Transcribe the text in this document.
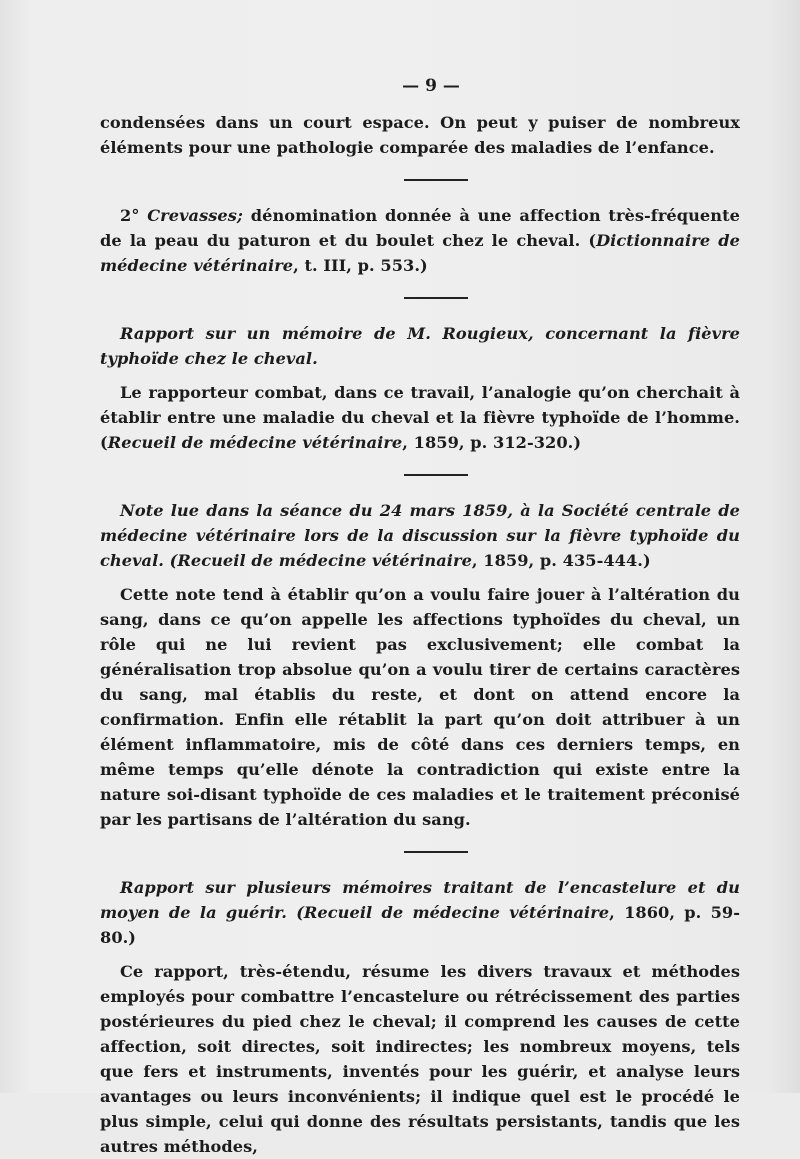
— 9 —

condensées dans un court espace. On peut y puiser de nombreux éléments pour une pathologie comparée des maladies de l’enfance.

2° Crevasses; dénomination donnée à une affection très-fréquente de la peau du paturon et du boulet chez le cheval. (Dictionnaire de médecine vétérinaire, t. III, p. 553.)

Rapport sur un mémoire de M. Rougieux, concernant la fièvre typhoïde chez le cheval.

Le rapporteur combat, dans ce travail, l’analogie qu’on cherchait à établir entre une maladie du cheval et la fièvre typhoïde de l’homme. (Recueil de médecine vétérinaire, 1859, p. 312-320.)

Note lue dans la séance du 24 mars 1859, à la Société centrale de médecine vétérinaire lors de la discussion sur la fièvre typhoïde du cheval. (Recueil de médecine vétérinaire, 1859, p. 435-444.)

Cette note tend à établir qu’on a voulu faire jouer à l’altération du sang, dans ce qu’on appelle les affections typhoïdes du cheval, un rôle qui ne lui revient pas exclusivement; elle combat la généralisation trop absolue qu’on a voulu tirer de certains caractères du sang, mal établis du reste, et dont on attend encore la confirmation. Enfin elle rétablit la part qu’on doit attribuer à un élément inflammatoire, mis de côté dans ces derniers temps, en même temps qu’elle dénote la contradiction qui existe entre la nature soi-disant typhoïde de ces maladies et le traitement préconisé par les partisans de l’altération du sang.

Rapport sur plusieurs mémoires traitant de l’encastelure et du moyen de la guérir. (Recueil de médecine vétérinaire, 1860, p. 59-80.)

Ce rapport, très-étendu, résume les divers travaux et méthodes employés pour combattre l’encastelure ou rétrécissement des parties postérieures du pied chez le cheval; il comprend les causes de cette affection, soit directes, soit indirectes; les nombreux moyens, tels que fers et instruments, inventés pour les guérir, et analyse leurs avantages ou leurs inconvénients; il indique quel est le procédé le plus simple, celui qui donne des résultats persistants, tandis que les autres méthodes,
